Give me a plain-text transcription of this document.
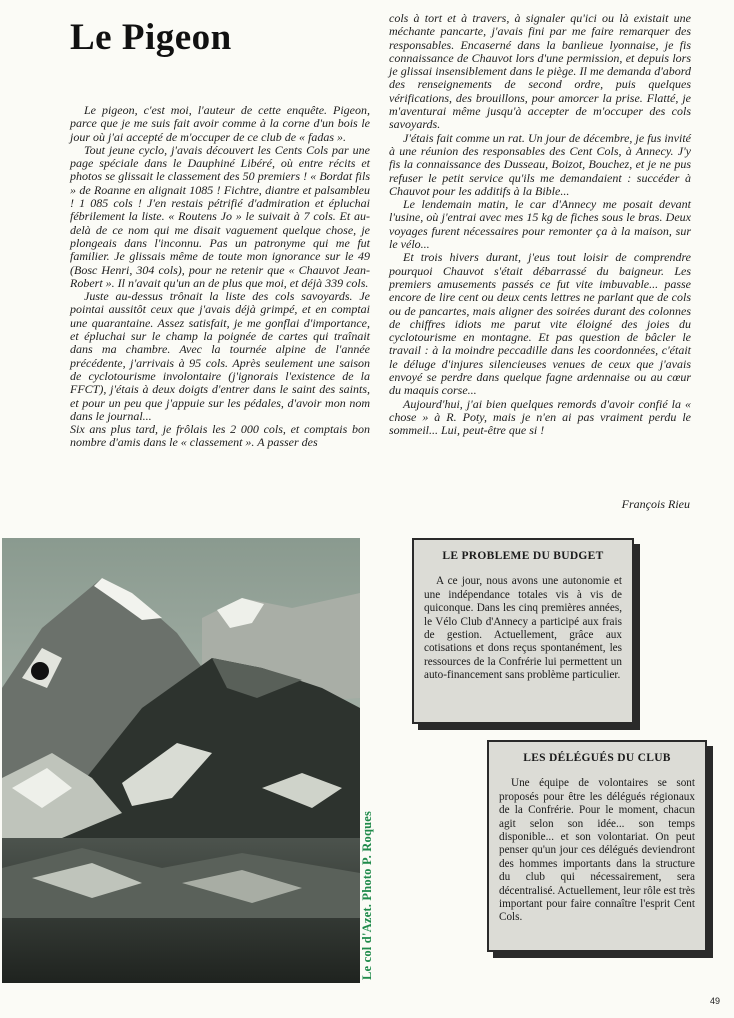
Le Pigeon

Le pigeon, c'est moi, l'auteur de cette enquête. Pigeon, parce que je me suis fait avoir comme à la corne d'un bois le jour où j'ai accepté de m'occuper de ce club de « fadas ».

Tout jeune cyclo, j'avais découvert les Cents Cols par une page spéciale dans le Dauphiné Libéré, où entre récits et photos se glissait le classement des 50 premiers ! « Bordat fils » de Roanne en alignait 1085 ! Fichtre, diantre et palsambleu ! 1 085 cols ! J'en restais pétrifié d'admiration et épluchai fébrilement la liste. « Routens Jo » le suivait à 7 cols. Et au-delà de ce nom qui me disait vaguement quelque chose, je plongeais dans l'inconnu. Pas un patronyme qui me fut familier. Je glissais même de toute mon ignorance sur le 49 (Bosc Henri, 304 cols), pour ne retenir que « Chauvot Jean-Robert ». Il n'avait qu'un an de plus que moi, et déjà 339 cols.

Juste au-dessus trônait la liste des cols savoyards. Je pointai aussitôt ceux que j'avais déjà grimpé, et en comptai une quarantaine. Assez satisfait, je me gonflai d'importance, et épluchai sur le champ la poignée de cartes qui traînait dans ma chambre. Avec la tournée alpine de l'année précédente, j'arrivais à 95 cols. Après seulement une saison de cyclotourisme involontaire (j'ignorais l'existence de la FFCT), j'étais à deux doigts d'entrer dans le saint des saints, et pour un peu que j'appuie sur les pédales, d'avoir mon nom dans le journal...

Six ans plus tard, je frôlais les 2 000 cols, et comptais bon nombre d'amis dans le « classement ». A passer des

cols à tort et à travers, à signaler qu'ici ou là existait une méchante pancarte, j'avais fini par me faire remarquer des responsables. Encaserné dans la banlieue lyonnaise, je fis connaissance de Chauvot lors d'une permission, et depuis lors je glissai insensiblement dans le piège. Il me demanda d'abord des renseignements de second ordre, puis quelques vérifications, des brouillons, pour amorcer la prise. Flatté, je m'aventurai même jusqu'à accepter de m'occuper des cols savoyards.

J'étais fait comme un rat. Un jour de décembre, je fus invité à une réunion des responsables des Cent Cols, à Annecy. J'y fis la connaissance des Dusseau, Boizot, Bouchez, et je ne pus refuser le petit service qu'ils me demandaient : succéder à Chauvot pour les additifs à la Bible...

Le lendemain matin, le car d'Annecy me posait devant l'usine, où j'entrai avec mes 15 kg de fiches sous le bras. Deux voyages furent nécessaires pour remonter ça à la maison, sur le vélo...

Et trois hivers durant, j'eus tout loisir de comprendre pourquoi Chauvot s'était débarrassé du baigneur. Les premiers amusements passés ce fut vite imbuvable... passe encore de lire cent ou deux cents lettres ne parlant que de cols ou de pancartes, mais aligner des soirées durant des colonnes de chiffres idiots me parut vite éloigné des joies du cyclotourisme en montagne. Et pas question de bâcler le travail : à la moindre peccadille dans les coordonnées, c'était le déluge d'injures silencieuses venues de ceux que j'avais envoyé se perdre dans quelque fagne ardennaise ou au cœur du maquis corse...

Aujourd'hui, j'ai bien quelques remords d'avoir confié la « chose » à R. Poty, mais je n'en ai pas vraiment perdu le sommeil... Lui, peut-être que si !

François Rieu
Le col d'Azet. Photo P. Roques
LE PROBLEME DU BUDGET

A ce jour, nous avons une autonomie et une indépendance totales vis à vis de quiconque. Dans les cinq premières années, le Vélo Club d'Annecy a participé aux frais de gestion. Actuellement, grâce aux cotisations et dons reçus spontanément, les ressources de la Confrérie lui permettent un auto-financement sans problème particulier.

LES DÉLÉGUÉS DU CLUB

Une équipe de volontaires se sont proposés pour être les délégués régionaux de la Confrérie. Pour le moment, chacun agit selon son idée... son temps disponible... et son volontariat. On peut penser qu'un jour ces délégués deviendront des hommes importants dans la structure du club qui nécessairement, sera décentralisé. Actuellement, leur rôle est très important pour faire connaître l'esprit Cent Cols.

49
